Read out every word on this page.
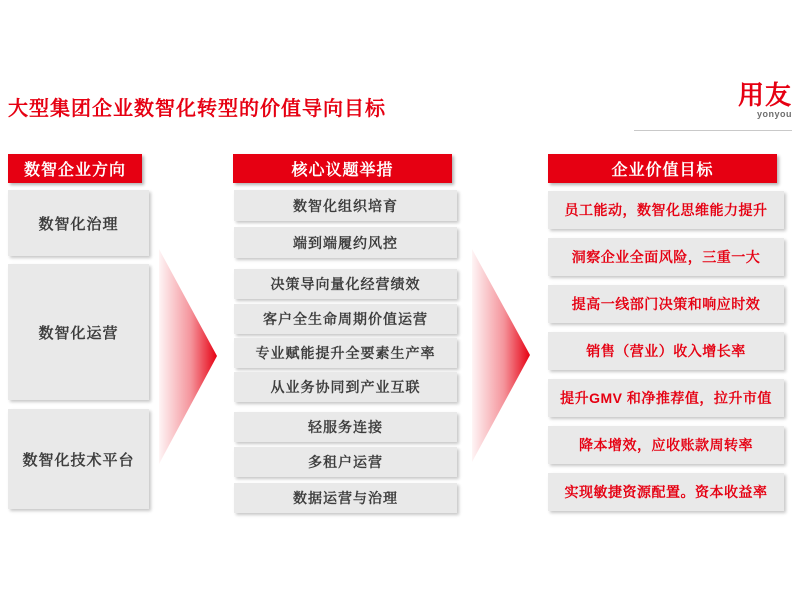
大型集团企业数智化转型的价值导向目标	用友
yonyou
数智企业方向
数智化治理
数智化运营
数智化技术平台
核心议题举措
数智化组织培育
端到端履约风控
决策导向量化经营绩效
客户全生命周期价值运营
专业赋能提升全要素生产率
从业务协同到产业互联
轻服务连接
多租户运营
数据运营与治理
企业价值目标
员工能动，数智化思维能力提升
洞察企业全面风险，三重一大
提高一线部门决策和响应时效
销售（营业）收入增长率
提升GMV 和净推荐值，拉升市值
降本增效，应收账款周转率
实现敏捷资源配置。资本收益率
